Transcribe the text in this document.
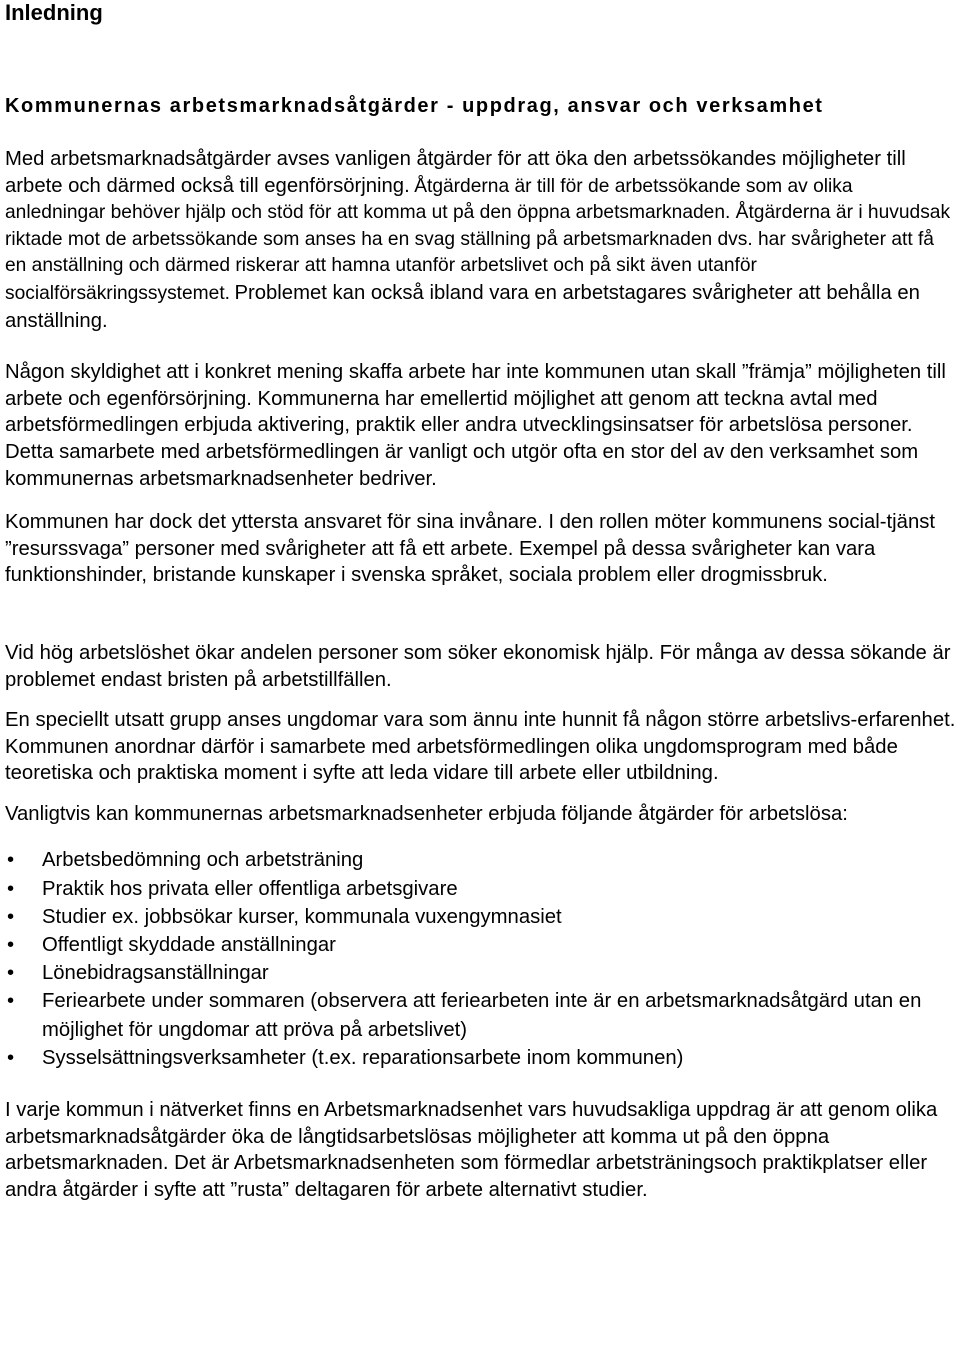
Inledning
Kommunernas arbetsmarknadsåtgärder - uppdrag, ansvar och verksamhet
Med arbetsmarknadsåtgärder avses vanligen åtgärder för att öka den arbetssökandes möjligheter till arbete och därmed också till egenförsörjning. Åtgärderna är till för de arbetssökande som av olika anledningar behöver hjälp och stöd för att komma ut på den öppna arbetsmarknaden. Åtgärderna är i huvudsak riktade mot de arbetssökande som anses ha en svag ställning på arbetsmarknaden dvs. har svårigheter att få en anställning och därmed riskerar att hamna utanför arbetslivet och på sikt även utanför socialförsäkringssystemet. Problemet kan också ibland vara en arbetstagares svårigheter att behålla en anställning.

Någon skyldighet att i konkret mening skaffa arbete har inte kommunen utan skall ”främja” möjligheten till arbete och egenförsörjning. Kommunerna har emellertid möjlighet att genom att teckna avtal med arbetsförmedlingen erbjuda aktivering, praktik eller andra utvecklingsinsatser för arbetslösa personer. Detta samarbete med arbetsförmedlingen är vanligt och utgör ofta en stor del av den verksamhet som kommunernas arbetsmarknadsenheter bedriver.

Kommunen har dock det yttersta ansvaret för sina invånare. I den rollen möter kommunens social-tjänst ”resurssvaga” personer med svårigheter att få ett arbete. Exempel på dessa svårigheter kan vara funktionshinder, bristande kunskaper i svenska språket, sociala problem eller drogmissbruk.

Vid hög arbetslöshet ökar andelen personer som söker ekonomisk hjälp. För många av dessa sökande är problemet endast bristen på arbetstillfällen.

En speciellt utsatt grupp anses ungdomar vara som ännu inte hunnit få någon större arbetslivs-erfarenhet. Kommunen anordnar därför i samarbete med arbetsförmedlingen olika ungdomsprogram med både teoretiska och praktiska moment i syfte att leda vidare till arbete eller utbildning.

Vanligtvis kan kommunernas arbetsmarknadsenheter erbjuda följande åtgärder för arbetslösa:

• Arbetsbedömning och arbetsträning
• Praktik hos privata eller offentliga arbetsgivare
• Studier ex. jobbsökar kurser, kommunala vuxengymnasiet
• Offentligt skyddade anställningar
• Lönebidragsanställningar
• Feriearbete under sommaren (observera att feriearbeten inte är en arbetsmarknadsåtgärd utan en möjlighet för ungdomar att pröva på arbetslivet)
• Sysselsättningsverksamheter (t.ex. reparationsarbete inom kommunen)

I varje kommun i nätverket finns en Arbetsmarknadsenhet vars huvudsakliga uppdrag är att genom olika arbetsmarknadsåtgärder öka de långtidsarbetslösas möjligheter att komma ut på den öppna arbetsmarknaden. Det är Arbetsmarknadsenheten som förmedlar arbetsträningsoch praktikplatser eller andra åtgärder i syfte att ”rusta” deltagaren för arbete alternativt studier.
